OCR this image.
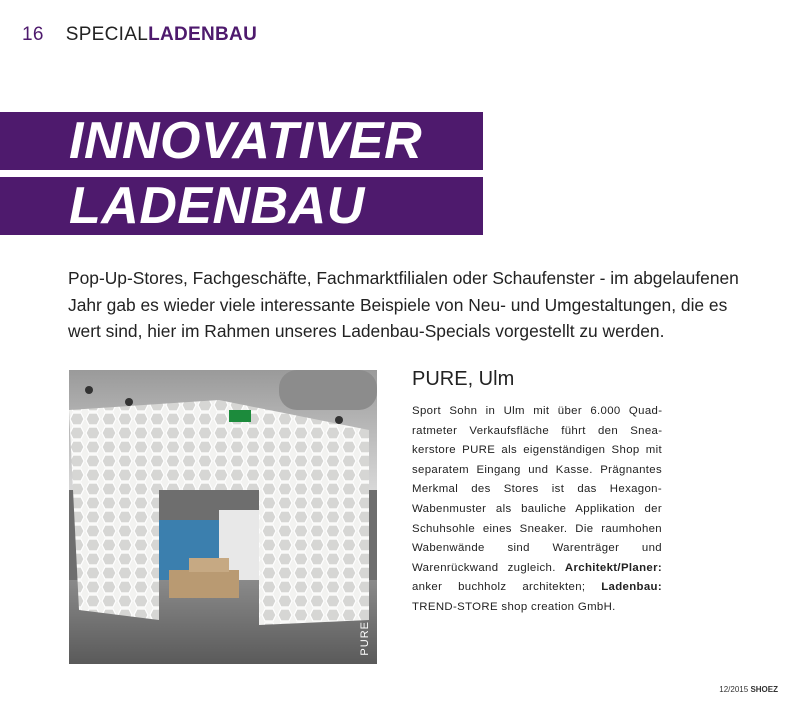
16 SPECIALLADENBAU
INNOVATIVER
LADENBAU

Pop-Up-Stores, Fachgeschäfte, Fachmarktfilialen oder Schaufenster - im abgelaufenen Jahr gab es wieder viele interessante Beispiele von Neu- und Umgestaltungen, die es wert sind, hier im Rahmen unseres Ladenbau-Specials vorgestellt zu werden.

PURE
PURE, Ulm
Sport Sohn in Ulm mit über 6.000 Quadratmeter Verkaufsfläche führt den Sneakerstore PURE als eigenständigen Shop mit separatem Eingang und Kasse. Prägnantes Merkmal des Stores ist das Hexagon-Wabenmuster als bauliche Applikation der Schuhsohle eines Sneaker. Die raumhohen Wabenwände sind Warenträger und Warenrückwand zugleich. Architekt/Planer: anker buchholz architekten; Ladenbau: TREND-STORE shop creation GmbH.
12/2015 SHOEZ
